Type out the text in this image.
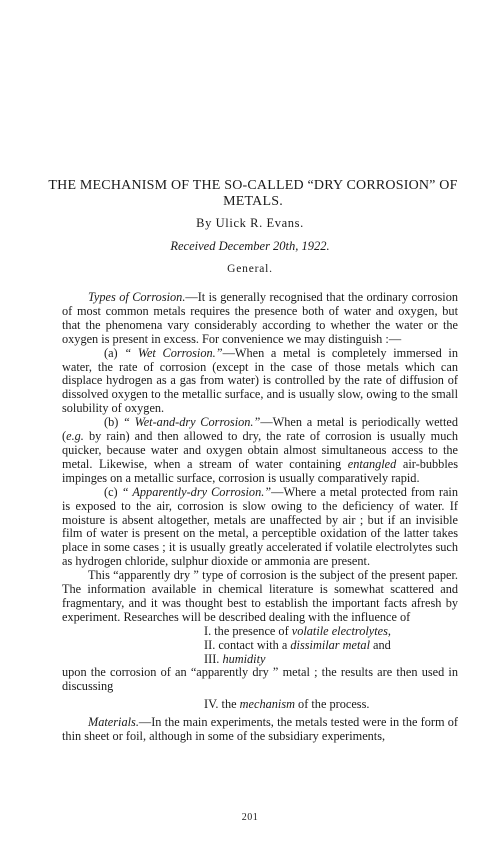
THE MECHANISM OF THE SO-CALLED “DRY CORROSION” OF METALS.
By Ulick R. Evans.
Received December 20th, 1922.
General.

Types of Corrosion.—It is generally recognised that the ordinary corrosion of most common metals requires the presence both of water and oxygen, but that the phenomena vary considerably according to whether the water or the oxygen is present in excess. For convenience we may distinguish :—

(a) “ Wet Corrosion.”—When a metal is completely immersed in water, the rate of corrosion (except in the case of those metals which can displace hydrogen as a gas from water) is controlled by the rate of diffusion of dissolved oxygen to the metallic surface, and is usually slow, owing to the small solubility of oxygen.

(b) “ Wet-and-dry Corrosion.”—When a metal is periodically wetted (e.g. by rain) and then allowed to dry, the rate of corrosion is usually much quicker, because water and oxygen obtain almost simultaneous access to the metal. Likewise, when a stream of water containing entangled air-bubbles impinges on a metallic surface, corrosion is usually comparatively rapid.

(c) “ Apparently-dry Corrosion.”—Where a metal protected from rain is exposed to the air, corrosion is slow owing to the deficiency of water. If moisture is absent altogether, metals are unaffected by air ; but if an invisible film of water is present on the metal, a perceptible oxidation of the latter takes place in some cases ; it is usually greatly accelerated if volatile electrolytes such as hydrogen chloride, sulphur dioxide or ammonia are present.

This “apparently dry ” type of corrosion is the subject of the present paper. The information available in chemical literature is somewhat scattered and fragmentary, and it was thought best to establish the important facts afresh by experiment. Researches will be described dealing with the influence of

I. the presence of volatile electrolytes,
II. contact with a dissimilar metal and
III. humidity

upon the corrosion of an “apparently dry ” metal ; the results are then used in discussing

IV. the mechanism of the process.

Materials.—In the main experiments, the metals tested were in the form of thin sheet or foil, although in some of the subsidiary experiments,

201
